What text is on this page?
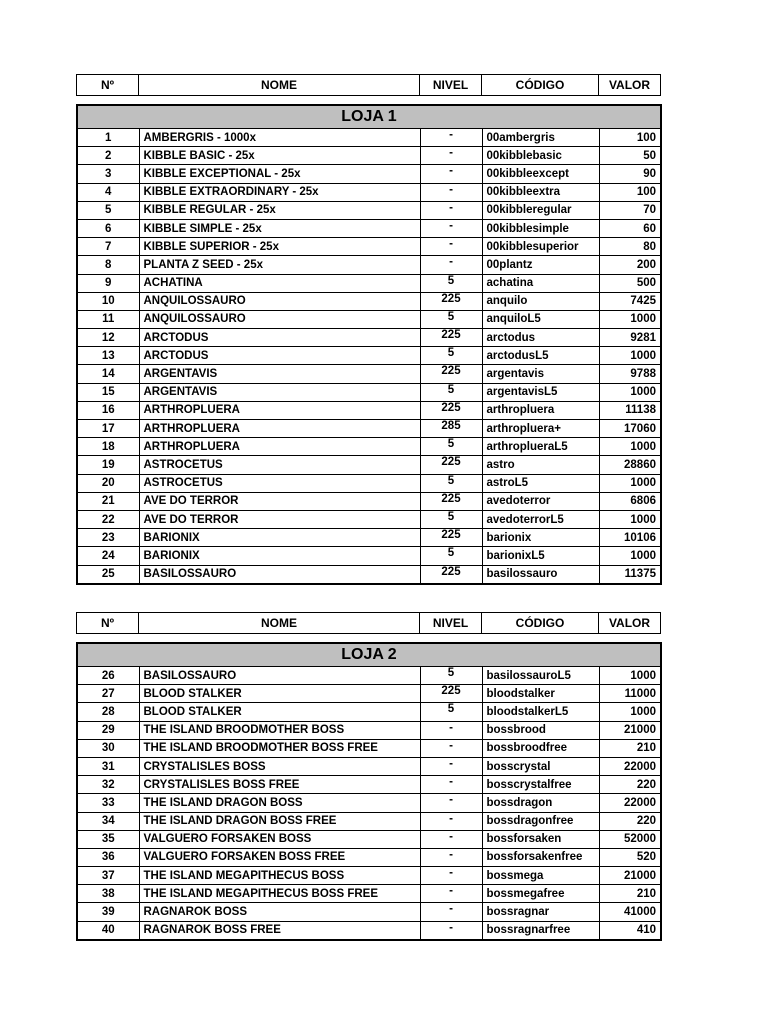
Nº	NOME	NIVEL	CÓDIGO	VALOR
LOJA 1				
1	AMBERGRIS - 1000x	-	00ambergris	100
2	KIBBLE BASIC - 25x	-	00kibblebasic	50
3	KIBBLE EXCEPTIONAL - 25x	-	00kibbleexcept	90
4	KIBBLE EXTRAORDINARY - 25x	-	00kibbleextra	100
5	KIBBLE REGULAR - 25x	-	00kibbleregular	70
6	KIBBLE SIMPLE - 25x	-	00kibblesimple	60
7	KIBBLE SUPERIOR - 25x	-	00kibblesuperior	80
8	PLANTA Z SEED - 25x	-	00plantz	200
9	ACHATINA	5	achatina	500
10	ANQUILOSSAURO	225	anquilo	7425
11	ANQUILOSSAURO	5	anquiloL5	1000
12	ARCTODUS	225	arctodus	9281
13	ARCTODUS	5	arctodusL5	1000
14	ARGENTAVIS	225	argentavis	9788
15	ARGENTAVIS	5	argentavisL5	1000
16	ARTHROPLUERA	225	arthropluera	11138
17	ARTHROPLUERA	285	arthropluera+	17060
18	ARTHROPLUERA	5	arthroplueraL5	1000
19	ASTROCETUS	225	astro	28860
20	ASTROCETUS	5	astroL5	1000
21	AVE DO TERROR	225	avedoterror	6806
22	AVE DO TERROR	5	avedoterrorL5	1000
23	BARIONIX	225	barionix	10106
24	BARIONIX	5	barionixL5	1000
25	BASILOSSAURO	225	basilossauro	11375
Nº	NOME	NIVEL	CÓDIGO	VALOR
LOJA 2				
26	BASILOSSAURO	5	basilossauroL5	1000
27	BLOOD STALKER	225	bloodstalker	11000
28	BLOOD STALKER	5	bloodstalkerL5	1000
29	THE ISLAND BROODMOTHER BOSS	-	bossbrood	21000
30	THE ISLAND BROODMOTHER BOSS FREE	-	bossbroodfree	210
31	CRYSTALISLES BOSS	-	bosscrystal	22000
32	CRYSTALISLES BOSS FREE	-	bosscrystalfree	220
33	THE ISLAND DRAGON BOSS	-	bossdragon	22000
34	THE ISLAND DRAGON BOSS FREE	-	bossdragonfree	220
35	VALGUERO FORSAKEN BOSS	-	bossforsaken	52000
36	VALGUERO FORSAKEN BOSS FREE	-	bossforsakenfree	520
37	THE ISLAND MEGAPITHECUS BOSS	-	bossmega	21000
38	THE ISLAND MEGAPITHECUS BOSS FREE	-	bossmegafree	210
39	RAGNAROK BOSS	-	bossragnar	41000
40	RAGNAROK BOSS FREE	-	bossragnarfree	410
